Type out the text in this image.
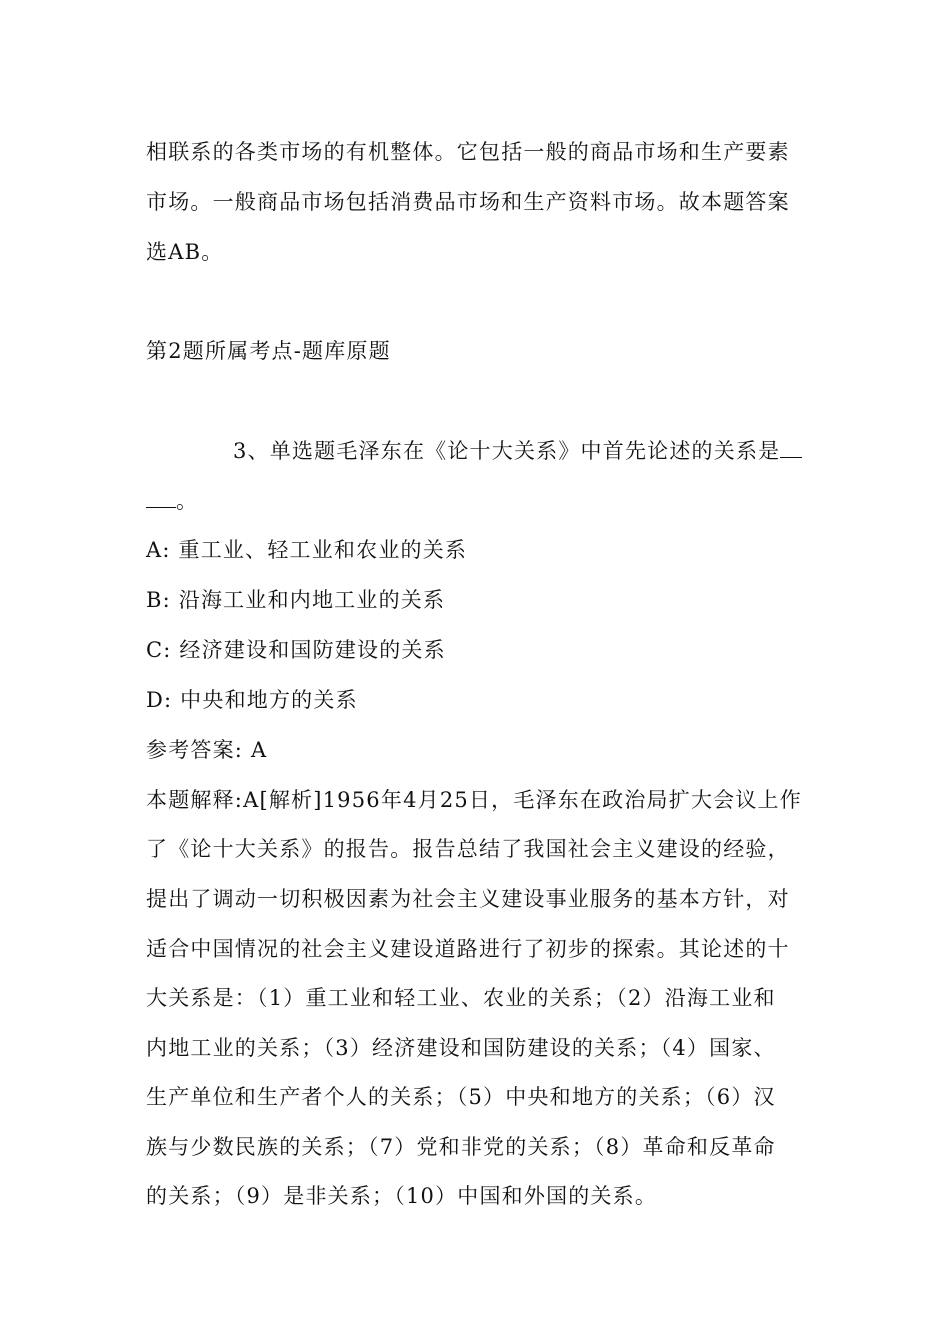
相联系的各类市场的有机整体。它包括一般的商品市场和生产要素
市场。一般商品市场包括消费品市场和生产资料市场。故本题答案
选AB。
第2题所属考点-题库原题
3、单选题毛泽东在《论十大关系》中首先论述的关系是
。
A: 重工业、轻工业和农业的关系
B: 沿海工业和内地工业的关系
C: 经济建设和国防建设的关系
D: 中央和地方的关系
参考答案: A
本题解释:A[解析]1956年4月25日，毛泽东在政治局扩大会议上作
了《论十大关系》的报告。报告总结了我国社会主义建设的经验，
提出了调动一切积极因素为社会主义建设事业服务的基本方针，对
适合中国情况的社会主义建设道路进行了初步的探索。其论述的十
大关系是：（1）重工业和轻工业、农业的关系；（2）沿海工业和
内地工业的关系；（3）经济建设和国防建设的关系；（4）国家、
生产单位和生产者个人的关系；（5）中央和地方的关系；（6）汉
族与少数民族的关系；（7）党和非党的关系；（8）革命和反革命
的关系；（9）是非关系；（10）中国和外国的关系。
